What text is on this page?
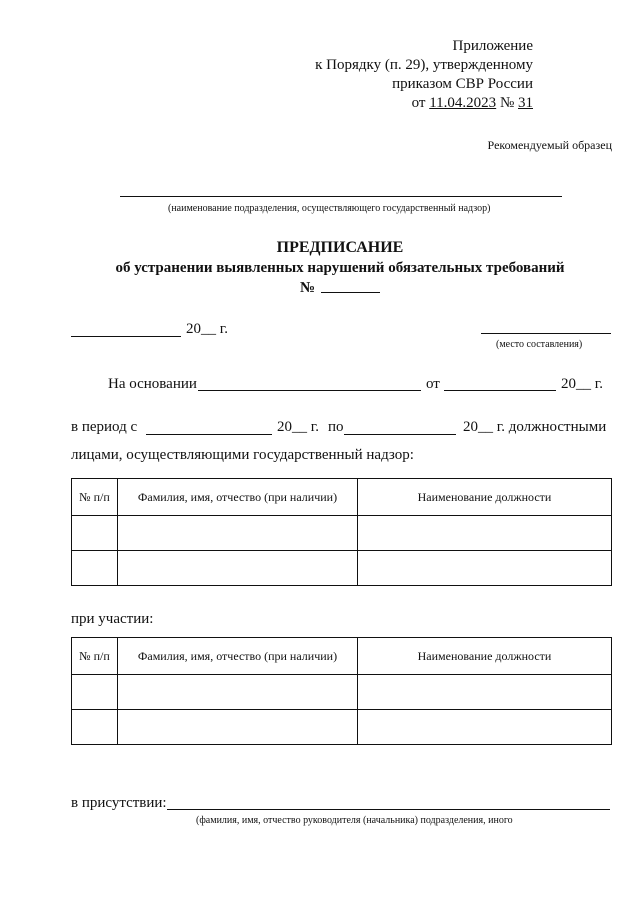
Приложение
к Порядку (п. 29), утвержденному
приказом СВР России
от 11.04.2023 № 31
Рекомендуемый образец
(наименование подразделения, осуществляющего государственный надзор)
ПРЕДПИСАНИЕ
об устранении выявленных нарушений обязательных требований
№
20__ г.
(место составления)
На основании	от	20__ г.
в период с	20__ г. по	20__ г. должностными
лицами, осуществляющими государственный надзор:
№ п/п	Фамилия, имя, отчество (при наличии)	Наименование должности

при участии:
№ п/п	Фамилия, имя, отчество (при наличии)	Наименование должности

в присутствии:
(фамилия, имя, отчество руководителя (начальника) подразделения, иного
